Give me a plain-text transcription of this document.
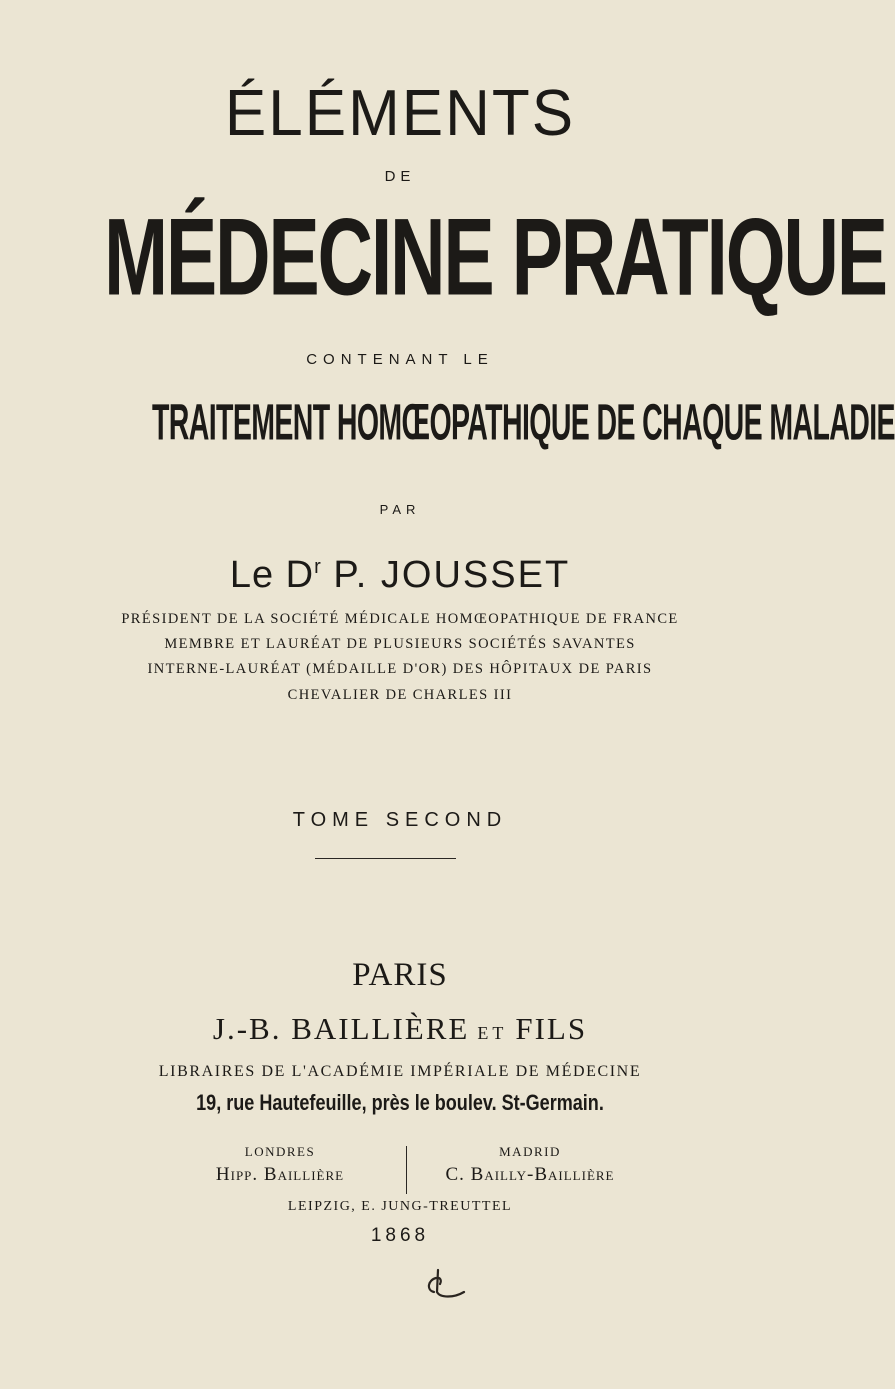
ÉLÉMENTS
DE
MÉDECINE PRATIQUE
CONTENANT LE
TRAITEMENT HOMŒOPATHIQUE DE CHAQUE MALADIE
PAR
Le $D^r$ P. JOUSSET
PRÉSIDENT DE LA SOCIÉTÉ MÉDICALE HOMŒOPATHIQUE DE FRANCE
MEMBRE ET LAURÉAT DE PLUSIEURS SOCIÉTÉS SAVANTES
INTERNE-LAURÉAT (MÉDAILLE D'OR) DES HÔPITAUX DE PARIS
CHEVALIER DE CHARLES III
TOME SECOND
PARIS
J.-B. BAILLIÈRE ET FILS
LIBRAIRES DE L'ACADÉMIE IMPÉRIALE DE MÉDECINE
19, rue Hautefeuille, près le boulev. St-Germain.
LONDRES
Hipp. Baillière
MADRID
C. Bailly-Baillière
LEIPZIG, E. JUNG-TREUTTEL
1868
